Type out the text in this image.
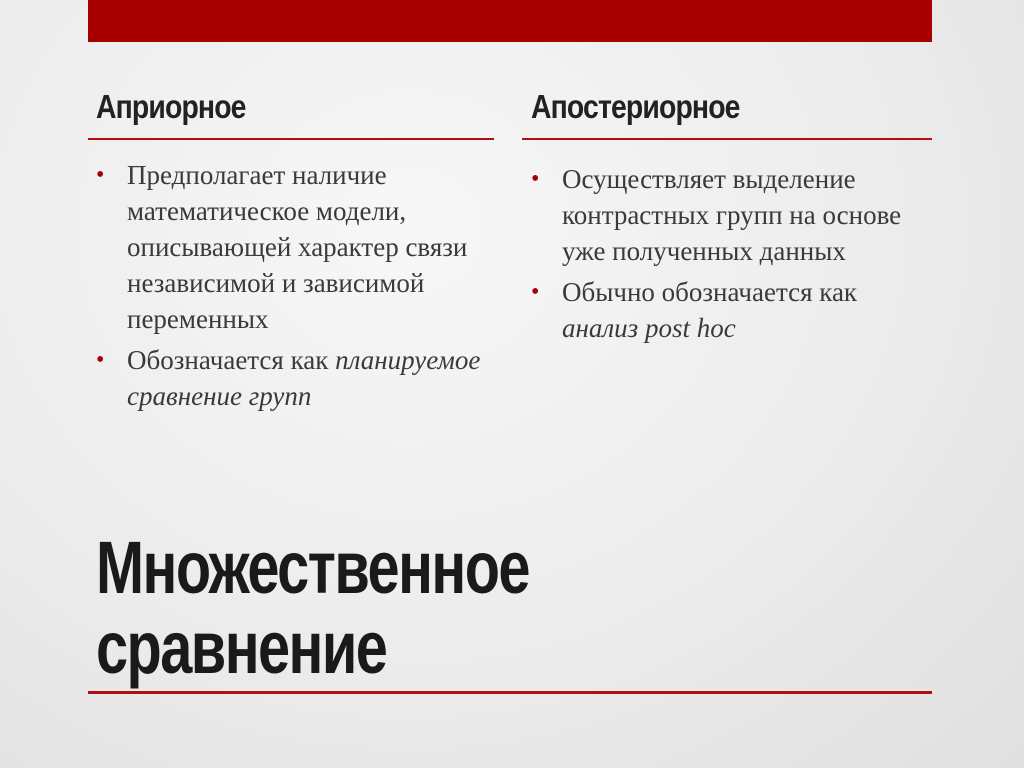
Априорное
• Предполагает наличие математическое модели, описывающей характер связи независимой и зависимой переменных
• Обозначается как планируемое сравнение групп
Апостериорное
• Осуществляет выделение контрастных групп на основе уже полученных данных
• Обычно обозначается как анализ post hoc
Множественное
сравнение
